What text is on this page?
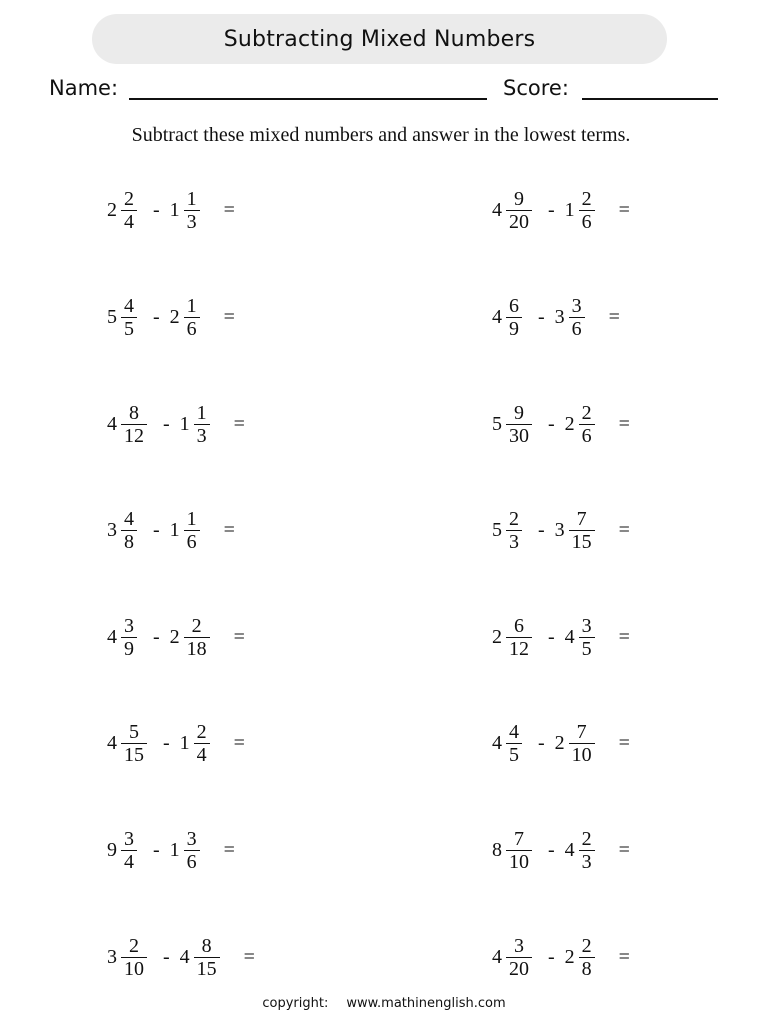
Subtracting Mixed Numbers
Name:	Score:
Subtract these mixed numbers and answer in the lowest terms.
$2 \frac{2}{4} - 1 \frac{1}{3}$ =	$4 \frac{9}{20} - 1 \frac{2}{6}$ =
$5 \frac{4}{5} - 2 \frac{1}{6}$ =	$4 \frac{6}{9} - 3 \frac{3}{6}$ =
$4 \frac{8}{12} - 1 \frac{1}{3}$ =	$5 \frac{9}{30} - 2 \frac{2}{6}$ =
$3 \frac{4}{8} - 1 \frac{1}{6}$ =	$5 \frac{2}{3} - 3 \frac{7}{15}$ =
$4 \frac{3}{9} - 2 \frac{2}{18}$ =	$2 \frac{6}{12} - 4 \frac{3}{5}$ =
$4 \frac{5}{15} - 1 \frac{2}{4}$ =	$4 \frac{4}{5} - 2 \frac{7}{10}$ =
$9 \frac{3}{4} - 1 \frac{3}{6}$ =	$8 \frac{7}{10} - 4 \frac{2}{3}$ =
$3 \frac{2}{10} - 4 \frac{8}{15}$ =	$4 \frac{3}{20} - 2 \frac{2}{8}$ =
copyright: www.mathinenglish.com
